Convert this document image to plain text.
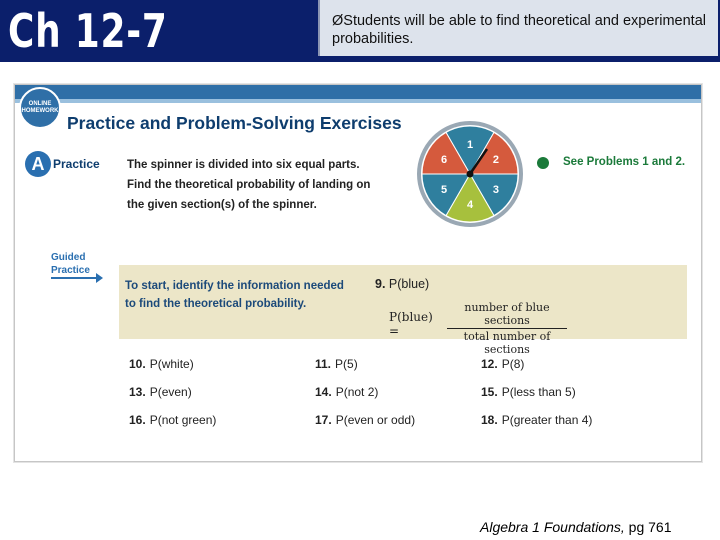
Ch 12-7	ØStudents will be able to find theoretical and experimental probabilities.
ONLINE HOMEWORK
Practice and Problem-Solving Exercises
A Practice The spinner is divided into six equal parts. Find the theoretical probability of landing on the given section(s) of the spinner.
1
2
3
4
5
6	See Problems 1 and 2.
Guided Practice
To start, identify the information needed to find the theoretical probability.
9. P(blue)
P(blue) =
number of blue sections
total number of sections
10. P(white)	11. P(5)	12. P(8)
13. P(even)	14. P(not 2)	15. P(less than 5)
16. P(not green)	17. P(even or odd)	18. P(greater than 4)
Algebra 1 Foundations, pg 761
